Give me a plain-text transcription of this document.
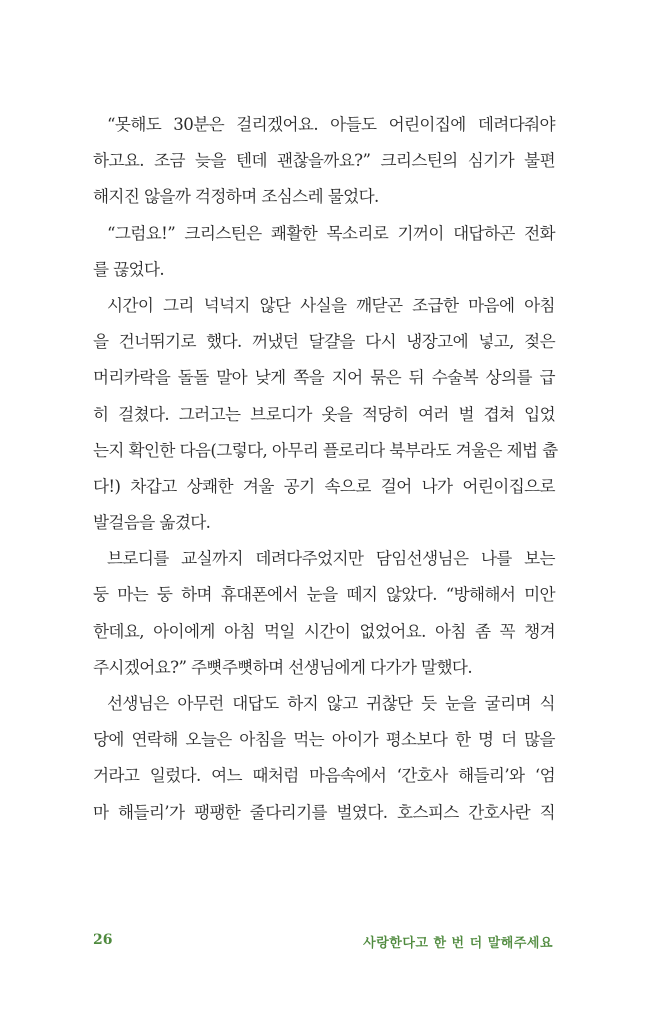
“못해도 30분은 걸리겠어요. 아들도 어린이집에 데려다줘야
하고요. 조금 늦을 텐데 괜찮을까요?” 크리스틴의 심기가 불편
해지진 않을까 걱정하며 조심스레 물었다.
“그럼요!” 크리스틴은 쾌활한 목소리로 기꺼이 대답하곤 전화
를 끊었다.
시간이 그리 넉넉지 않단 사실을 깨닫곤 조급한 마음에 아침
을 건너뛰기로 했다. 꺼냈던 달걀을 다시 냉장고에 넣고, 젖은
머리카락을 돌돌 말아 낮게 쪽을 지어 묶은 뒤 수술복 상의를 급
히 걸쳤다. 그러고는 브로디가 옷을 적당히 여러 벌 겹쳐 입었
는지 확인한 다음(그렇다, 아무리 플로리다 북부라도 겨울은 제법 춥
다!) 차갑고 상쾌한 겨울 공기 속으로 걸어 나가 어린이집으로
발걸음을 옮겼다.
브로디를 교실까지 데려다주었지만 담임선생님은 나를 보는
둥 마는 둥 하며 휴대폰에서 눈을 떼지 않았다. “방해해서 미안
한데요, 아이에게 아침 먹일 시간이 없었어요. 아침 좀 꼭 챙겨
주시겠어요?” 주뼛주뼛하며 선생님에게 다가가 말했다.
선생님은 아무런 대답도 하지 않고 귀찮단 듯 눈을 굴리며 식
당에 연락해 오늘은 아침을 먹는 아이가 평소보다 한 명 더 많을
거라고 일렀다. 여느 때처럼 마음속에서 ‘간호사 해들리’와 ‘엄
마 해들리’가 팽팽한 줄다리기를 벌였다. 호스피스 간호사란 직
26	사랑한다고 한 번 더 말해주세요
